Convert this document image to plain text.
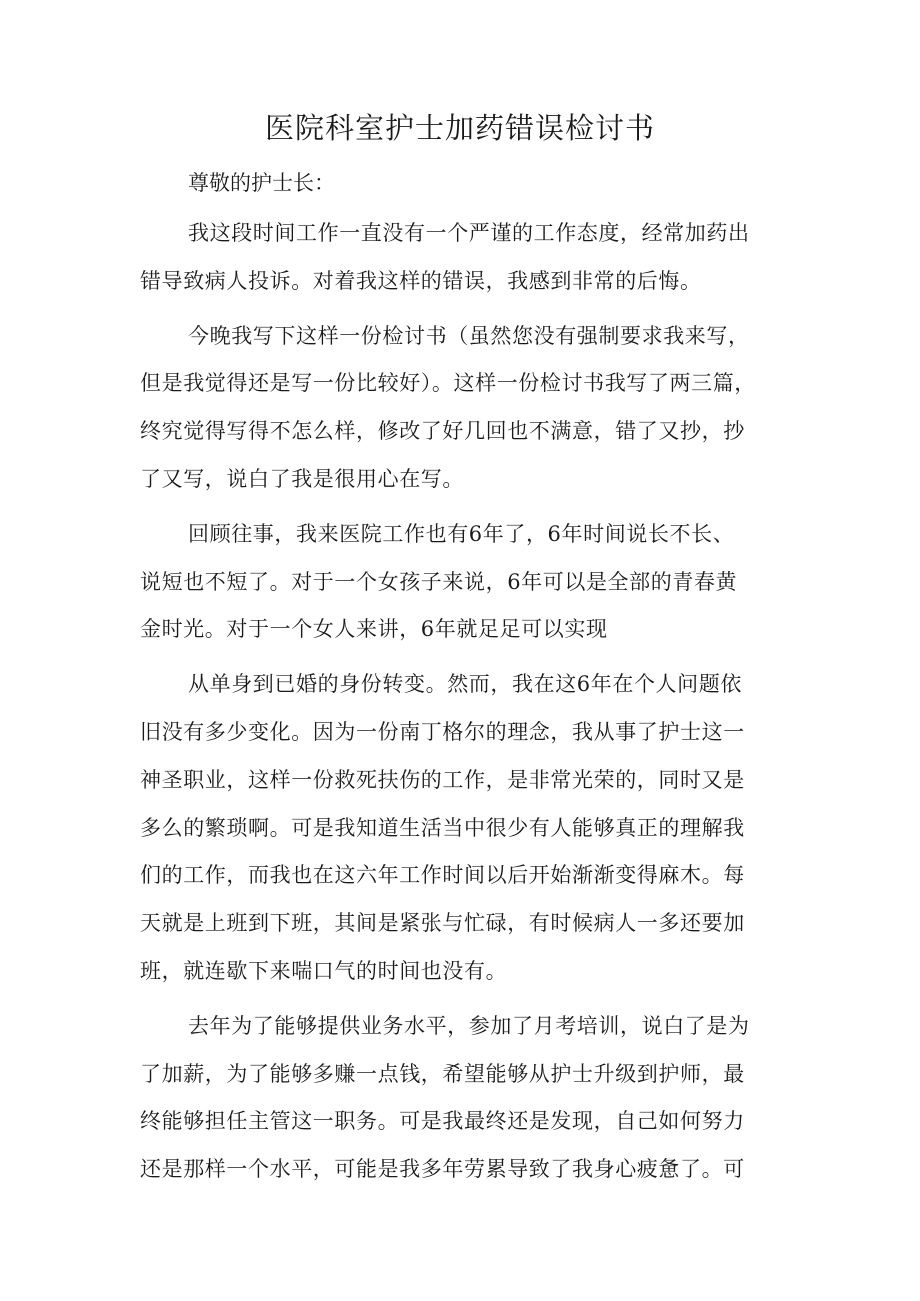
医院科室护士加药错误检讨书

尊敬的护士长：

我这段时间工作一直没有一个严谨的工作态度，经常加药出
错导致病人投诉。对着我这样的错误，我感到非常的后悔。
今晚我写下这样一份检讨书（虽然您没有强制要求我来写，
但是我觉得还是写一份比较好）。这样一份检讨书我写了两三篇，
终究觉得写得不怎么样，修改了好几回也不满意，错了又抄，抄
了又写，说白了我是很用心在写。
回顾往事，我来医院工作也有6年了，6年时间说长不长、
说短也不短了。对于一个女孩子来说，6年可以是全部的青春黄
金时光。对于一个女人来讲，6年就足足可以实现
从单身到已婚的身份转变。然而，我在这6年在个人问题依
旧没有多少变化。因为一份南丁格尔的理念，我从事了护士这一
神圣职业，这样一份救死扶伤的工作，是非常光荣的，同时又是
多么的繁琐啊。可是我知道生活当中很少有人能够真正的理解我
们的工作，而我也在这六年工作时间以后开始渐渐变得麻木。每
天就是上班到下班，其间是紧张与忙碌，有时候病人一多还要加
班，就连歇下来喘口气的时间也没有。
去年为了能够提供业务水平，参加了月考培训，说白了是为
了加薪，为了能够多赚一点钱，希望能够从护士升级到护师，最
终能够担任主管这一职务。可是我最终还是发现，自己如何努力
还是那样一个水平，可能是我多年劳累导致了我身心疲惫了。可
